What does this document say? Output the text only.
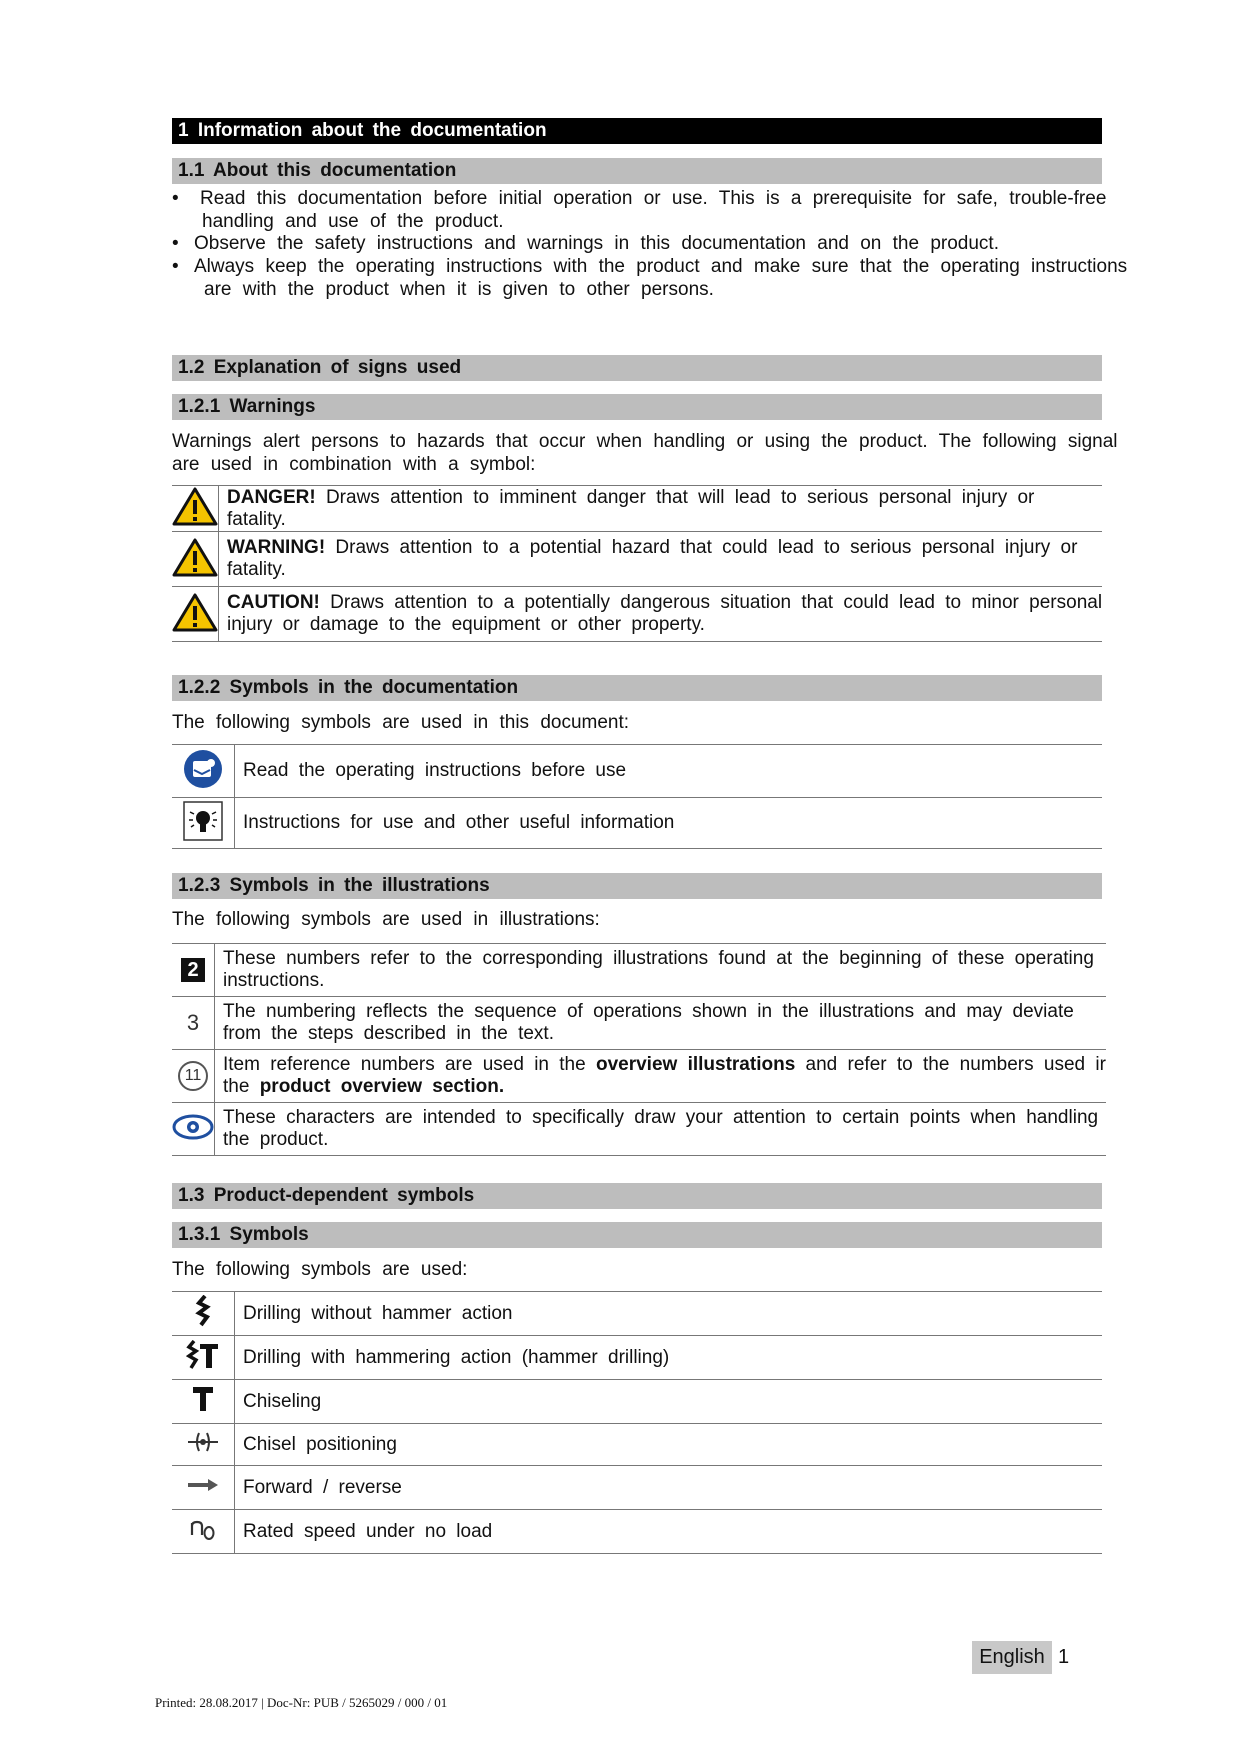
1 Information about the documentation
1.1 About this documentation
•	Read this documentation before initial operation or use. This is a prerequisite for safe, trouble-free
handling and use of the product.
• Observe the safety instructions and warnings in this documentation and on the product.
• Always keep the operating instructions with the product and make sure that the operating instructions
are with the product when it is given to other persons.
1.2 Explanation of signs used
1.2.1 Warnings
Warnings alert persons to hazards that occur when handling or using the product. The following signal
are used in combination with a symbol:
	DANGER! Draws attention to imminent danger that will lead to serious personal injury or fatality.
	WARNING! Draws attention to a potential hazard that could lead to serious personal injury or
fatality.
	CAUTION! Draws attention to a potentially dangerous situation that could lead to minor personal
injury or damage to the equipment or other property.
1.2.2 Symbols in the documentation
The following symbols are used in this document:
	Read the operating instructions before use
	Instructions for use and other useful information
1.2.3 Symbols in the illustrations
The following symbols are used in illustrations:
2	These numbers refer to the corresponding illustrations found at the beginning of these operating
instructions.
3	The numbering reflects the sequence of operations shown in the illustrations and may deviate
from the steps described in the text.
11	Item reference numbers are used in the overview illustrations and refer to the numbers used ir
the product overview section.
	These characters are intended to specifically draw your attention to certain points when handling
the product.
1.3 Product-dependent symbols
1.3.1 Symbols
The following symbols are used:
	Drilling without hammer action
	Drilling with hammering action (hammer drilling)
	Chiseling
	Chisel positioning
	Forward / reverse
	Rated speed under no load
English 1
Printed: 28.08.2017 | Doc-Nr: PUB / 5265029 / 000 / 01
